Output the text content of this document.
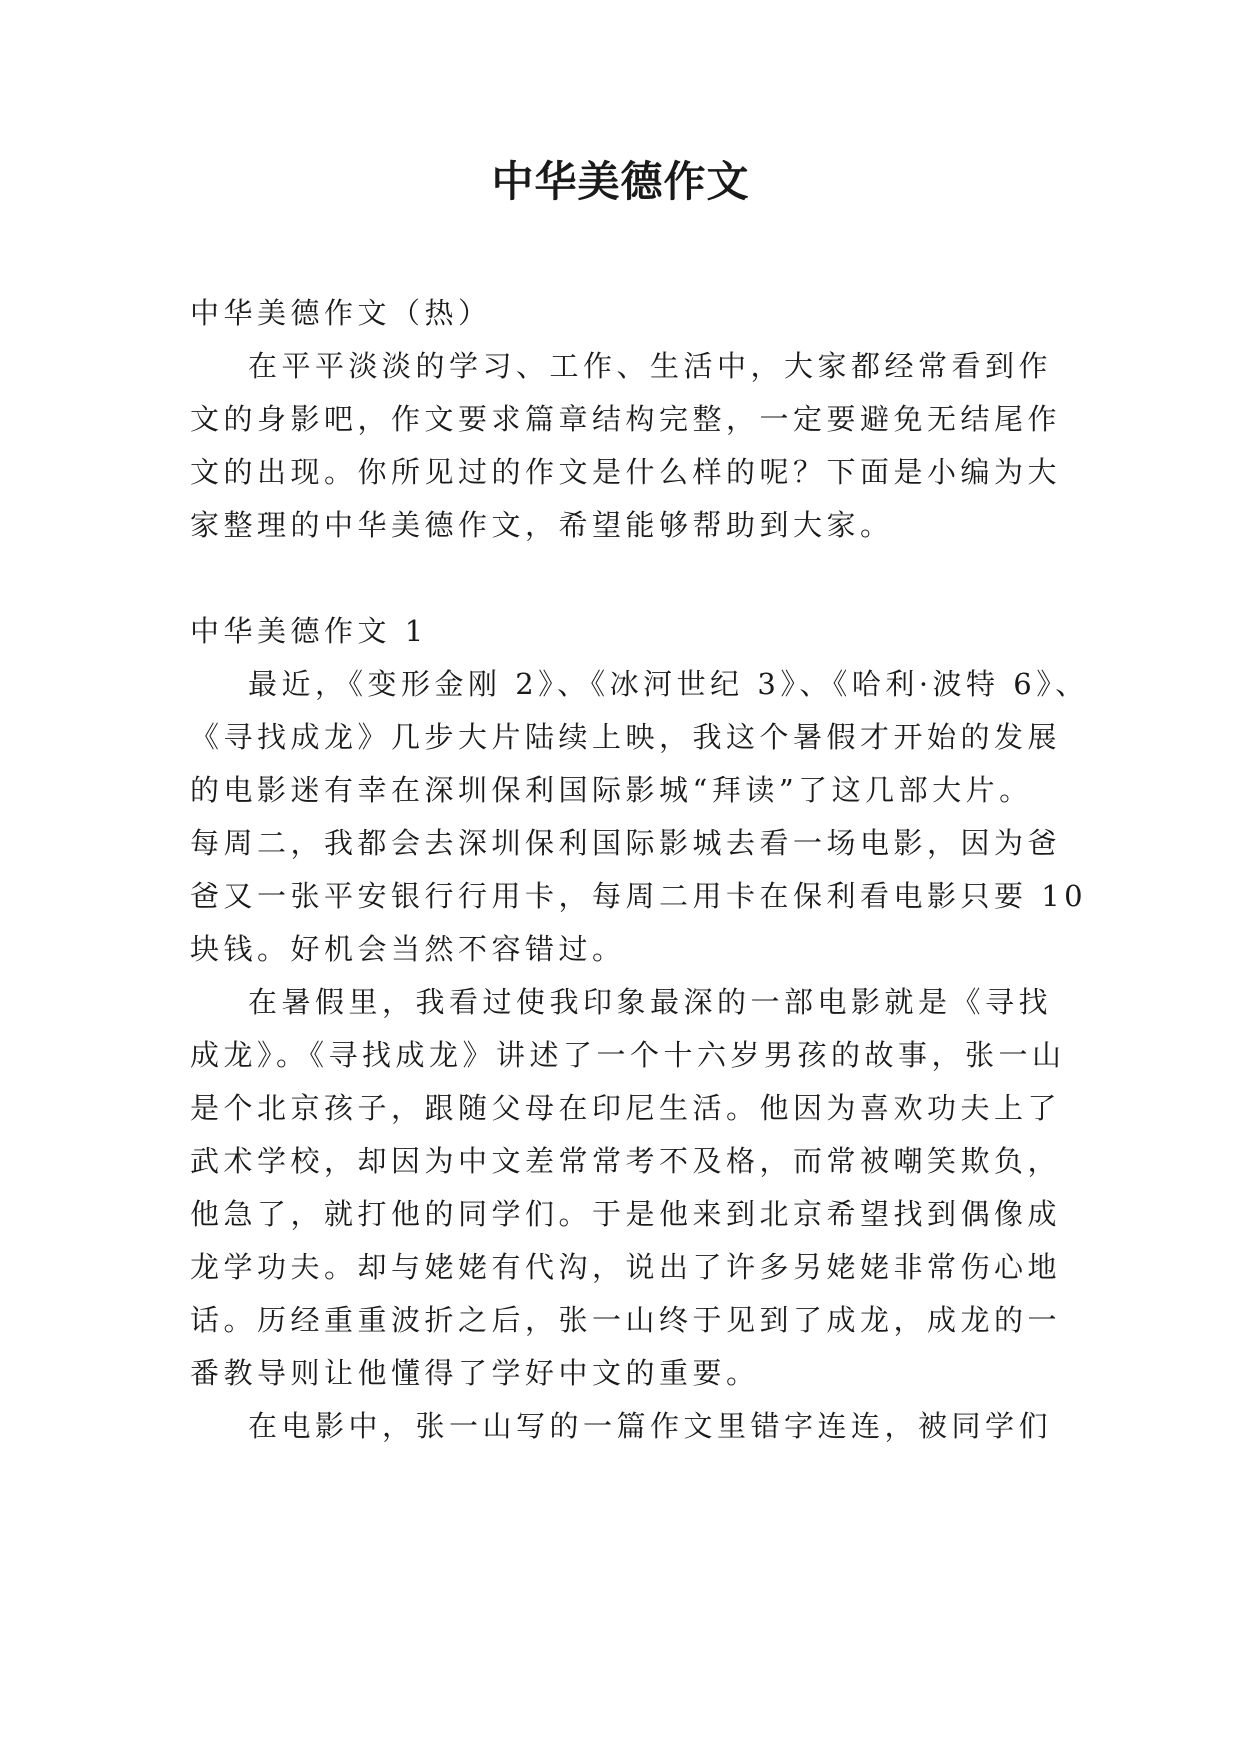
中华美德作文

中华美德作文（热）

在平平淡淡的学习、工作、生活中，大家都经常看到作
文的身影吧，作文要求篇章结构完整，一定要避免无结尾作
文的出现。你所见过的作文是什么样的呢？下面是小编为大
家整理的中华美德作文，希望能够帮助到大家。

中华美德作文 1

最近，《变形金刚 2》、《冰河世纪 3》、《哈利·波特 6》、
《寻找成龙》几步大片陆续上映，我这个暑假才开始的发展
的电影迷有幸在深圳保利国际影城“拜读”了这几部大片。
每周二，我都会去深圳保利国际影城去看一场电影，因为爸
爸又一张平安银行行用卡，每周二用卡在保利看电影只要 10
块钱。好机会当然不容错过。

在暑假里，我看过使我印象最深的一部电影就是《寻找
成龙》。《寻找成龙》讲述了一个十六岁男孩的故事，张一山
是个北京孩子，跟随父母在印尼生活。他因为喜欢功夫上了
武术学校，却因为中文差常常考不及格，而常被嘲笑欺负，
他急了，就打他的同学们。于是他来到北京希望找到偶像成
龙学功夫。却与姥姥有代沟，说出了许多另姥姥非常伤心地
话。历经重重波折之后，张一山终于见到了成龙，成龙的一
番教导则让他懂得了学好中文的重要。

在电影中，张一山写的一篇作文里错字连连，被同学们
